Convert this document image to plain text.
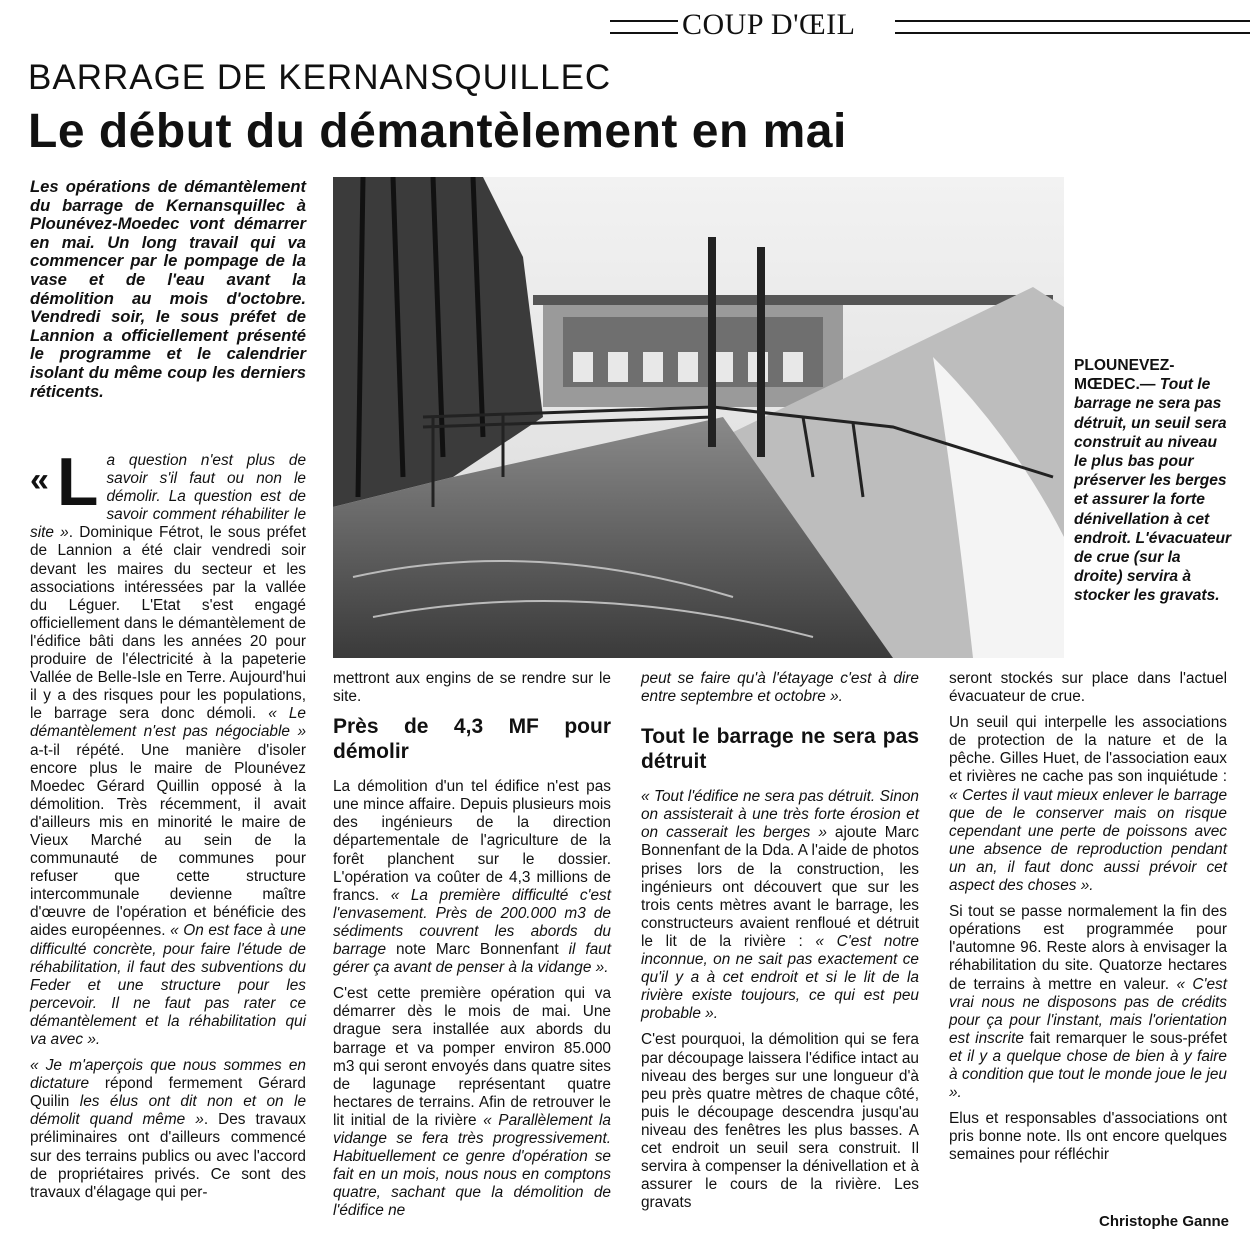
COUP D'ŒIL
BARRAGE DE KERNANSQUILLEC
Le début du démantèlement en mai

Les opérations de démantèlement du barrage de Kernansquillec à Plounévez-Moedec vont démarrer en mai. Un long travail qui va commencer par le pompage de la vase et de l'eau avant la démolition au mois d'octobre. Vendredi soir, le sous préfet de Lannion a officiellement présenté le programme et le calendrier isolant du même coup les derniers réticents.

« L a question n'est plus de savoir s'il faut ou non le démolir. La question est de savoir comment réhabiliter le site ». Dominique Fétrot, le sous préfet de Lannion a été clair vendredi soir devant les maires du secteur et les associations intéressées par la vallée du Léguer. L'Etat s'est engagé officiellement dans le démantèlement de l'édifice bâti dans les années 20 pour produire de l'électricité à la papeterie Vallée de Belle-Isle en Terre. Aujourd'hui il y a des risques pour les populations, le barrage sera donc démoli. « Le démantèlement n'est pas négociable » a-t-il répété. Une manière d'isoler encore plus le maire de Plounévez Moedec Gérard Quillin opposé à la démolition. Très récemment, il avait d'ailleurs mis en minorité le maire de Vieux Marché au sein de la communauté de communes pour refuser que cette structure intercommunale devienne maître d'œuvre de l'opération et bénéficie des aides européennes. « On est face à une difficulté concrète, pour faire l'étude de réhabilitation, il faut des subventions du Feder et une structure pour les percevoir. Il ne faut pas rater ce démantèlement et la réhabilitation qui va avec ».

« Je m'aperçois que nous sommes en dictature répond fermement Gérard Quilin les élus ont dit non et on le démolit quand même ». Des travaux préliminaires ont d'ailleurs commencé sur des terrains publics ou avec l'accord de propriétaires privés. Ce sont des travaux d'élagage qui per-

PLOUNEVEZ-MŒDEC.— Tout le barrage ne sera pas détruit, un seuil sera construit au niveau le plus bas pour préserver les berges et assurer la forte dénivellation à cet endroit. L'évacuateur de crue (sur la droite) servira à stocker les gravats.

mettront aux engins de se rendre sur le site.

Près de 4,3 MF pour démolir

La démolition d'un tel édifice n'est pas une mince affaire. Depuis plusieurs mois des ingénieurs de la direction départementale de l'agriculture de la forêt planchent sur le dossier. L'opération va coûter de 4,3 millions de francs. « La première difficulté c'est l'envasement. Près de 200.000 m3 de sédiments couvrent les abords du barrage note Marc Bonnenfant il faut gérer ça avant de penser à la vidange ».

C'est cette première opération qui va démarrer dès le mois de mai. Une drague sera installée aux abords du barrage et va pomper environ 85.000 m3 qui seront envoyés dans quatre sites de lagunage représentant quatre hectares de terrains. Afin de retrouver le lit initial de la rivière « Parallèlement la vidange se fera très progressivement. Habituellement ce genre d'opération se fait en un mois, nous nous en comptons quatre, sachant que la démolition de l'édifice ne

peut se faire qu'à l'étayage c'est à dire entre septembre et octobre ».

Tout le barrage ne sera pas détruit

« Tout l'édifice ne sera pas détruit. Sinon on assisterait à une très forte érosion et on casserait les berges » ajoute Marc Bonnenfant de la Dda. A l'aide de photos prises lors de la construction, les ingénieurs ont découvert que sur les trois cents mètres avant le barrage, les constructeurs avaient renfloué et détruit le lit de la rivière : « C'est notre inconnue, on ne sait pas exactement ce qu'il y a à cet endroit et si le lit de la rivière existe toujours, ce qui est peu probable ».

C'est pourquoi, la démolition qui se fera par découpage laissera l'édifice intact au niveau des berges sur une longueur d'à peu près quatre mètres de chaque côté, puis le découpage descendra jusqu'au niveau des fenêtres les plus basses. A cet endroit un seuil sera construit. Il servira à compenser la dénivellation et à assurer le cours de la rivière. Les gravats

seront stockés sur place dans l'actuel évacuateur de crue.

Un seuil qui interpelle les associations de protection de la nature et de la pêche. Gilles Huet, de l'association eaux et rivières ne cache pas son inquiétude : « Certes il vaut mieux enlever le barrage que de le conserver mais on risque cependant une perte de poissons avec une absence de reproduction pendant un an, il faut donc aussi prévoir cet aspect des choses ».

Si tout se passe normalement la fin des opérations est programmée pour l'automne 96. Reste alors à envisager la réhabilitation du site. Quatorze hectares de terrains à mettre en valeur. « C'est vrai nous ne disposons pas de crédits pour ça pour l'instant, mais l'orientation est inscrite fait remarquer le sous-préfet et il y a quelque chose de bien à y faire à condition que tout le monde joue le jeu ».

Elus et responsables d'associations ont pris bonne note. Ils ont encore quelques semaines pour réfléchir

Christophe Ganne
